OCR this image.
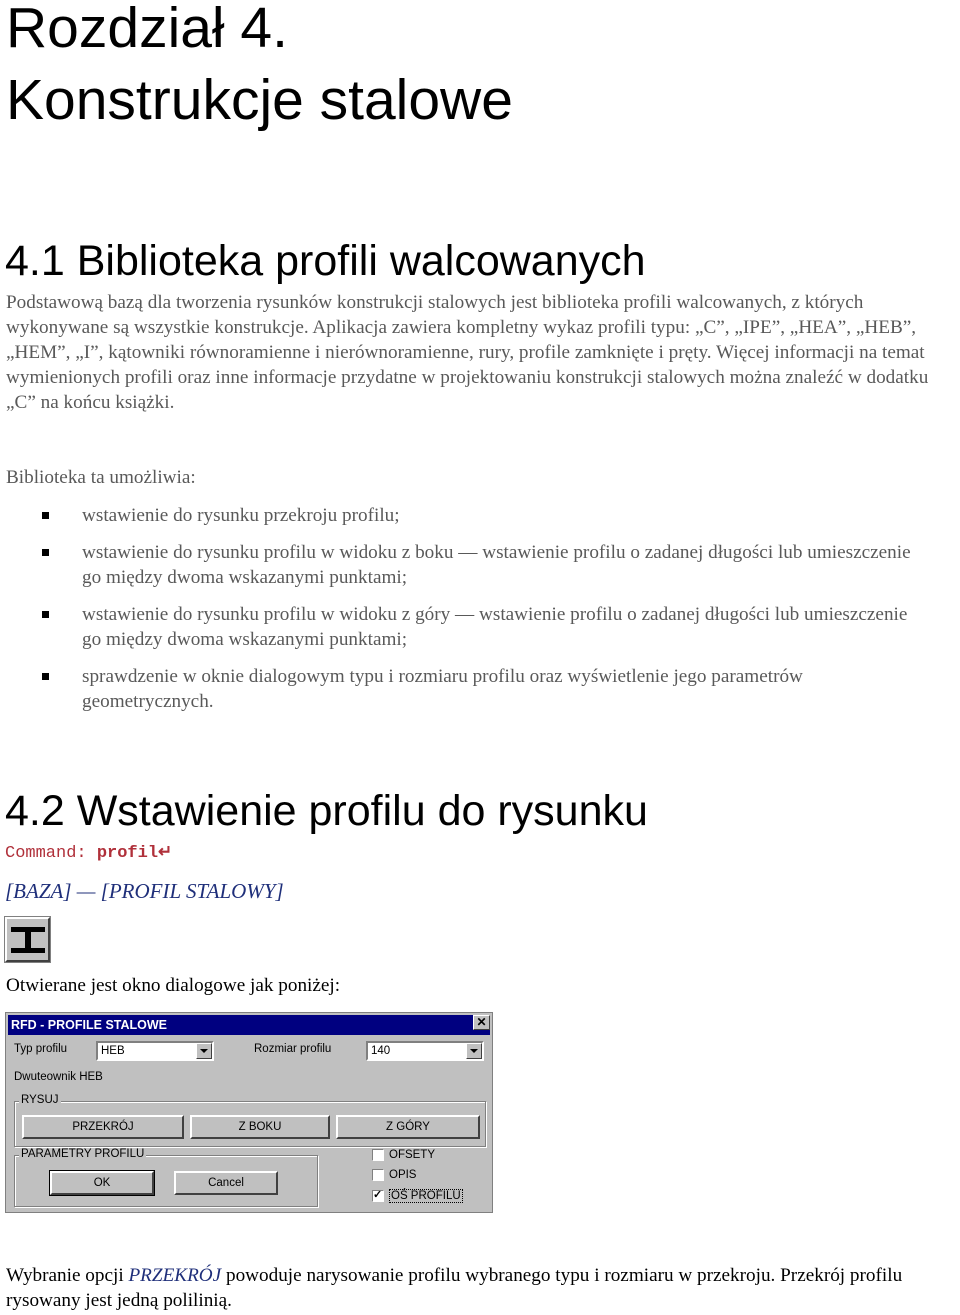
Rozdział 4.
Konstrukcje stalowe
4.1 Biblioteka profili walcowanych
Podstawową bazą dla tworzenia rysunków konstrukcji stalowych jest biblioteka profili walcowanych, z których wykonywane są wszystkie konstrukcje. Aplikacja zawiera kompletny wykaz profili typu: „C”, „IPE”, „HEA”, „HEB”, „HEM”, „I”, kątowniki równoramienne i nierównoramienne, rury, profile zamknięte i pręty. Więcej informacji na temat wymienionych profili oraz inne informacje przydatne w projektowaniu konstrukcji stalowych można znaleźć w dodatku „C” na końcu książki.
Biblioteka ta umożliwia:
wstawienie do rysunku przekroju profilu;
wstawienie do rysunku profilu w widoku z boku — wstawienie profilu o zadanej długości lub umieszczenie go między dwoma wskazanymi punktami;
wstawienie do rysunku profilu w widoku z góry — wstawienie profilu o zadanej długości lub umieszczenie go między dwoma wskazanymi punktami;
sprawdzenie w oknie dialogowym typu i rozmiaru profilu oraz wyświetlenie jego parametrów geometrycznych.
4.2 Wstawienie profilu do rysunku
Command: profil↵
[BAZA] — [PROFIL STALOWY]
Otwierane jest okno dialogowe jak poniżej:
RFD - PROFILE STALOWE	✕
Typ profilu	HEB	Rozmiar profilu	140
Dwuteownik HEB
RYSUJ
PRZEKRÓJ	Z BOKU	Z GÓRY
PARAMETRY PROFILU
OK	Cancel
OFSETY
OPIS
✓
OŚ PROFILU
Wybranie opcji PRZEKRÓJ powoduje narysowanie profilu wybranego typu i rozmiaru w przekroju. Przekrój profilu rysowany jest jedną polilinią.
